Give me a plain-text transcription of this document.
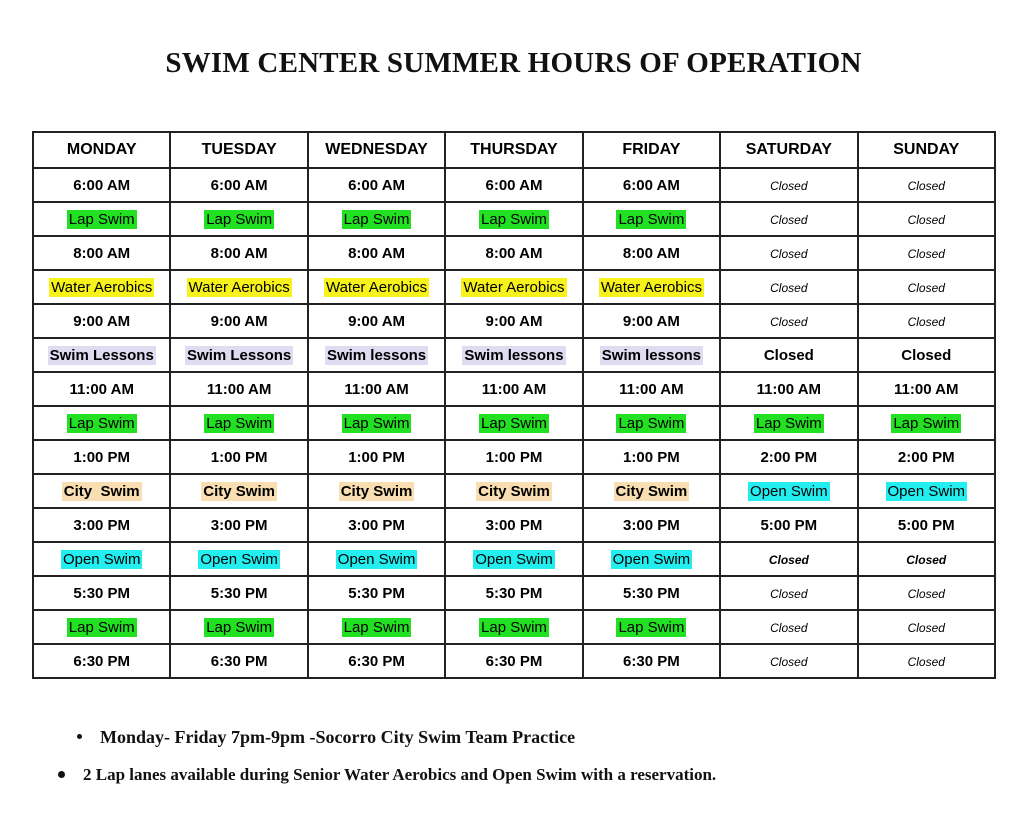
SWIM CENTER SUMMER HOURS OF OPERATION
MONDAY	TUESDAY	WEDNESDAY	THURSDAY	FRIDAY	SATURDAY	SUNDAY
6:00 AM	6:00 AM	6:00 AM	6:00 AM	6:00 AM	Closed	Closed
Lap Swim	Lap Swim	Lap Swim	Lap Swim	Lap Swim	Closed	Closed
8:00 AM	8:00 AM	8:00 AM	8:00 AM	8:00 AM	Closed	Closed
Water Aerobics	Water Aerobics	Water Aerobics	Water Aerobics	Water Aerobics	Closed	Closed
9:00 AM	9:00 AM	9:00 AM	9:00 AM	9:00 AM	Closed	Closed
Swim Lessons	Swim Lessons	Swim lessons	Swim lessons	Swim lessons	Closed	Closed
11:00 AM	11:00 AM	11:00 AM	11:00 AM	11:00 AM	11:00 AM	11:00 AM
Lap Swim	Lap Swim	Lap Swim	Lap Swim	Lap Swim	Lap Swim	Lap Swim
1:00 PM	1:00 PM	1:00 PM	1:00 PM	1:00 PM	2:00 PM	2:00 PM
City  Swim	City Swim	City Swim	City Swim	City Swim	Open Swim	Open Swim
3:00 PM	3:00 PM	3:00 PM	3:00 PM	3:00 PM	5:00 PM	5:00 PM
Open Swim	Open Swim	Open Swim	Open Swim	Open Swim	Closed	Closed
5:30 PM	5:30 PM	5:30 PM	5:30 PM	5:30 PM	Closed	Closed
Lap Swim	Lap Swim	Lap Swim	Lap Swim	Lap Swim	Closed	Closed
6:30 PM	6:30 PM	6:30 PM	6:30 PM	6:30 PM	Closed	Closed
Monday- Friday 7pm-9pm -Socorro City Swim Team Practice
2 Lap lanes available during Senior Water Aerobics and Open Swim with a reservation.
